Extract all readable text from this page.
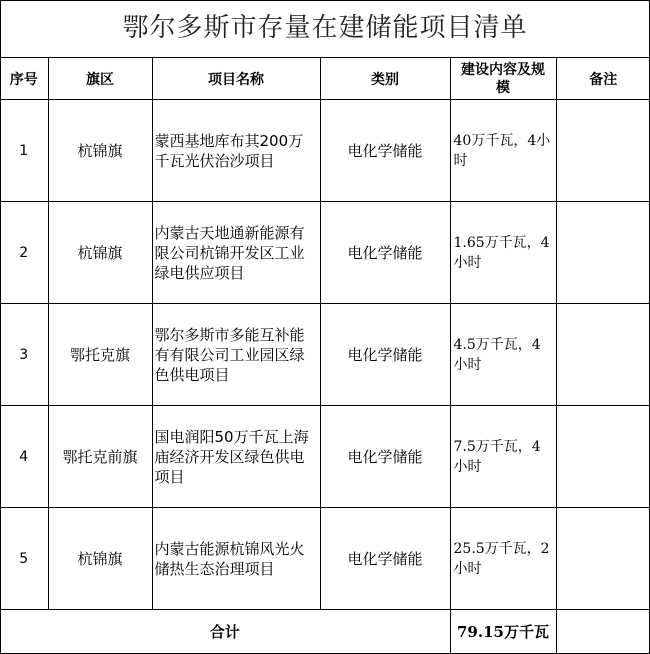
鄂尔多斯市存量在建储能项目清单
序号	旗区	项目名称	类别	建设内容及规模	备注
1	杭锦旗	蒙西基地库布其200万千瓦光伏治沙项目	电化学储能	40万千瓦，4小时	
2	杭锦旗	内蒙古天地通新能源有限公司杭锦开发区工业绿电供应项目	电化学储能	1.65万千瓦，4小时	
3	鄂托克旗	鄂尔多斯市多能互补能有有限公司工业园区绿色供电项目	电化学储能	4.5万千瓦，4小时	
4	鄂托克前旗	国电润阳50万千瓦上海庙经济开发区绿色供电项目	电化学储能	7.5万千瓦，4小时	
5	杭锦旗	内蒙古能源杭锦风光火储热生态治理项目	电化学储能	25.5万千瓦，2小时	
合计				79.15万千瓦	
